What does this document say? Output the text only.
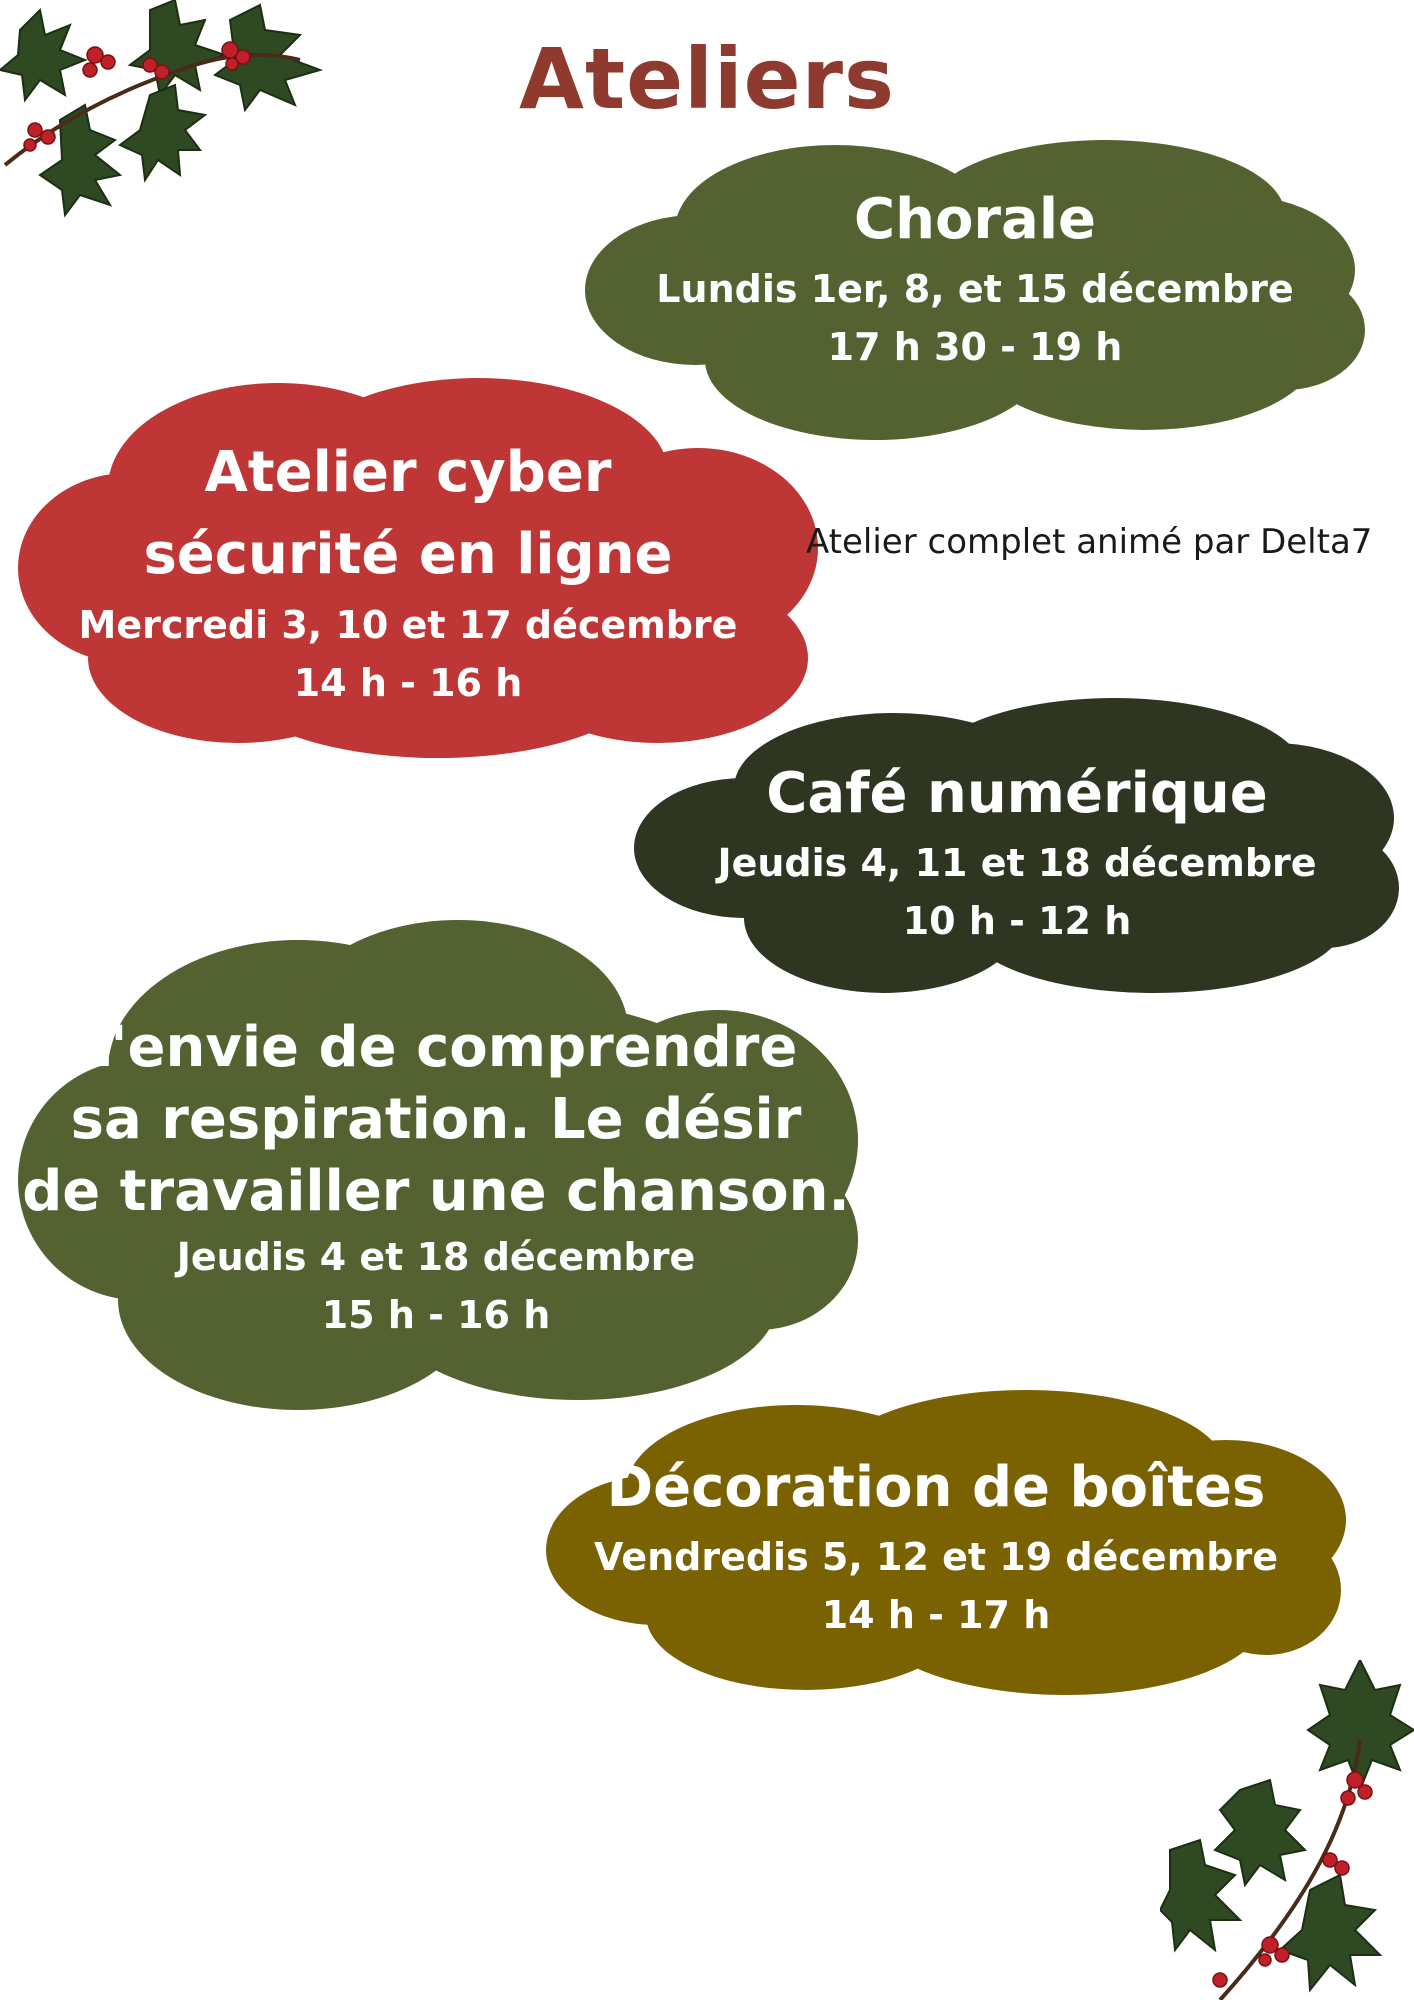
Ateliers
Chorale
Lundis 1er, 8, et 15 décembre
17 h 30 - 19 h
Atelier cyber
sécurité en ligne
Mercredi 3, 10 et 17 décembre
14 h - 16 h
Atelier complet animé par Delta7
Café numérique
Jeudis 4, 11 et 18 décembre
10 h - 12 h
L'envie de comprendre
sa respiration. Le désir
de travailler une chanson.
Jeudis 4 et 18 décembre
15 h - 16 h
Décoration de boîtes
Vendredis 5, 12 et 19 décembre
14 h - 17 h
